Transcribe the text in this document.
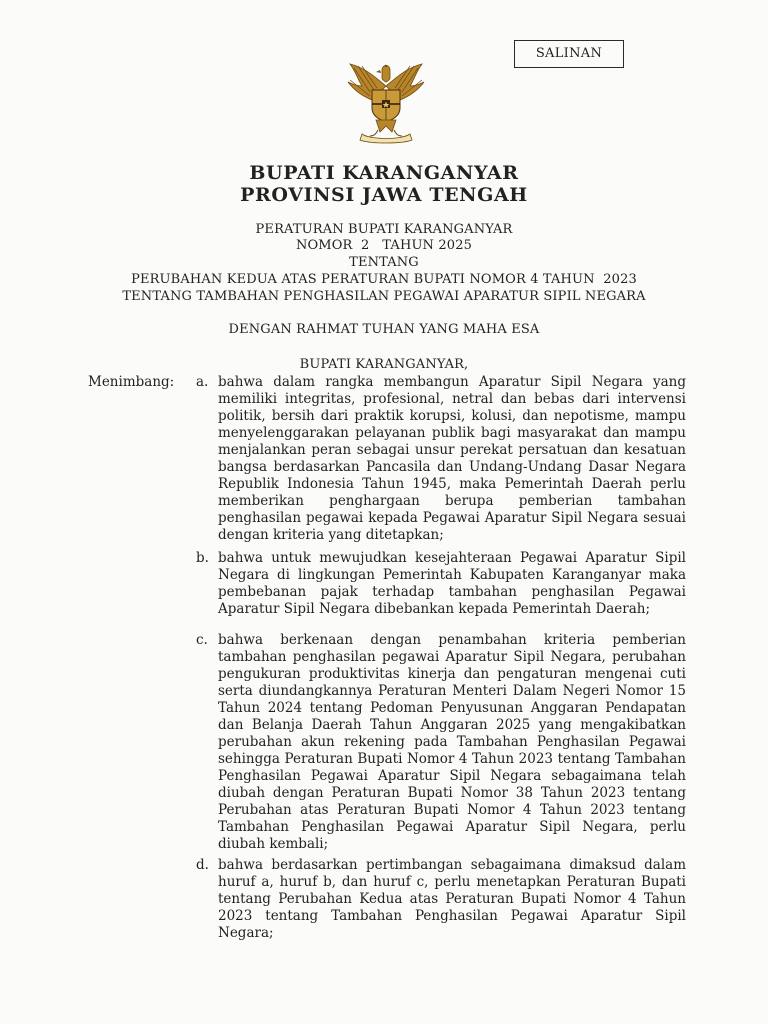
SALINAN
BUPATI KARANGANYAR
PROVINSI JAWA TENGAH
PERATURAN BUPATI KARANGANYAR
NOMOR  2   TAHUN 2025
TENTANG
PERUBAHAN KEDUA ATAS PERATURAN BUPATI NOMOR 4 TAHUN  2023
TENTANG TAMBAHAN PENGHASILAN PEGAWAI APARATUR SIPIL NEGARA
DENGAN RAHMAT TUHAN YANG MAHA ESA
BUPATI KARANGANYAR,
Menimbang: a. bahwa dalam rangka membangun Aparatur Sipil Negara yang memiliki integritas, profesional, netral dan bebas dari intervensi politik, bersih dari praktik korupsi, kolusi, dan nepotisme, mampu menyelenggarakan pelayanan publik bagi masyarakat dan mampu menjalankan peran sebagai unsur perekat persatuan dan kesatuan bangsa berdasarkan Pancasila dan Undang-Undang Dasar Negara Republik Indonesia Tahun 1945, maka Pemerintah Daerah perlu memberikan penghargaan berupa pemberian tambahan penghasilan pegawai kepada Pegawai Aparatur Sipil Negara sesuai dengan kriteria yang ditetapkan;
b. bahwa untuk mewujudkan kesejahteraan Pegawai Aparatur Sipil Negara di lingkungan Pemerintah Kabupaten Karanganyar maka pembebanan pajak terhadap tambahan penghasilan Pegawai Aparatur Sipil Negara dibebankan kepada Pemerintah Daerah;
c. bahwa berkenaan dengan penambahan kriteria pemberian tambahan penghasilan pegawai Aparatur Sipil Negara, perubahan pengukuran produktivitas kinerja dan pengaturan mengenai cuti serta diundangkannya Peraturan Menteri Dalam Negeri Nomor 15 Tahun 2024 tentang Pedoman Penyusunan Anggaran Pendapatan dan Belanja Daerah Tahun Anggaran 2025 yang mengakibatkan perubahan akun rekening pada Tambahan Penghasilan Pegawai sehingga Peraturan Bupati Nomor 4 Tahun 2023 tentang Tambahan Penghasilan Pegawai Aparatur Sipil Negara sebagaimana telah diubah dengan Peraturan Bupati Nomor 38 Tahun 2023 tentang Perubahan atas Peraturan Bupati Nomor 4 Tahun 2023 tentang Tambahan Penghasilan Pegawai Aparatur Sipil Negara, perlu diubah kembali;
d. bahwa berdasarkan pertimbangan sebagaimana dimaksud dalam huruf a, huruf b, dan huruf c, perlu menetapkan Peraturan Bupati tentang Perubahan Kedua atas Peraturan Bupati Nomor 4 Tahun 2023 tentang Tambahan Penghasilan Pegawai Aparatur Sipil Negara;
